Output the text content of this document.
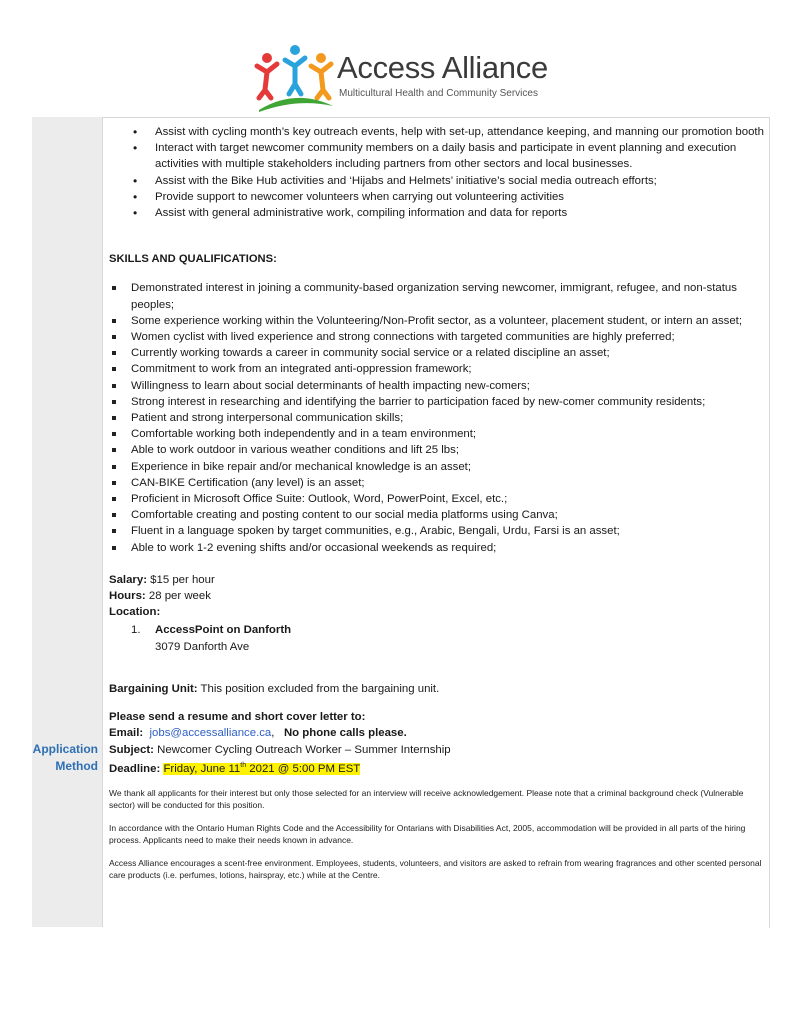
Access Alliance
Multicultural Health and Community Services
Application
Method
• Assist with cycling month’s key outreach events, help with set-up, attendance keeping, and manning our promotion booth
• Interact with target newcomer community members on a daily basis and participate in event planning and execution activities with multiple stakeholders including partners from other sectors and local businesses.
• Assist with the Bike Hub activities and ‘Hijabs and Helmets’ initiative’s social media outreach efforts;
• Provide support to newcomer volunteers when carrying out volunteering activities
• Assist with general administrative work, compiling information and data for reports
SKILLS AND QUALIFICATIONS:
Demonstrated interest in joining a community-based organization serving newcomer, immigrant, refugee, and non-status peoples;
Some experience working within the Volunteering/Non-Profit sector, as a volunteer, placement student, or intern an asset;
Women cyclist with lived experience and strong connections with targeted communities are highly preferred;
Currently working towards a career in community social service or a related discipline an asset;
Commitment to work from an integrated anti-oppression framework;
Willingness to learn about social determinants of health impacting new-comers;
Strong interest in researching and identifying the barrier to participation faced by new-comer community residents;
Patient and strong interpersonal communication skills;
Comfortable working both independently and in a team environment;
Able to work outdoor in various weather conditions and lift 25 lbs;
Experience in bike repair and/or mechanical knowledge is an asset;
CAN-BIKE Certification (any level) is an asset;
Proficient in Microsoft Office Suite: Outlook, Word, PowerPoint, Excel, etc.;
Comfortable creating and posting content to our social media platforms using Canva;
Fluent in a language spoken by target communities, e.g., Arabic, Bengali, Urdu, Farsi is an asset;
Able to work 1-2 evening shifts and/or occasional weekends as required;
Salary: $15 per hour
Hours: 28 per week
Location:
1. AccessPoint on Danforth
3079 Danforth Ave
Bargaining Unit: This position excluded from the bargaining unit.
Please send a resume and short cover letter to:
Email: jobs@accessalliance.ca, No phone calls please.
Subject: Newcomer Cycling Outreach Worker – Summer Internship
Deadline: Friday, June 11th 2021 @ 5:00 PM EST
We thank all applicants for their interest but only those selected for an interview will receive acknowledgement. Please note that a criminal background check (Vulnerable sector) will be conducted for this position.
In accordance with the Ontario Human Rights Code and the Accessibility for Ontarians with Disabilities Act, 2005, accommodation will be provided in all parts of the hiring process. Applicants need to make their needs known in advance.
Access Alliance encourages a scent-free environment. Employees, students, volunteers, and visitors are asked to refrain from wearing fragrances and other scented personal care products (i.e. perfumes, lotions, hairspray, etc.) while at the Centre.
